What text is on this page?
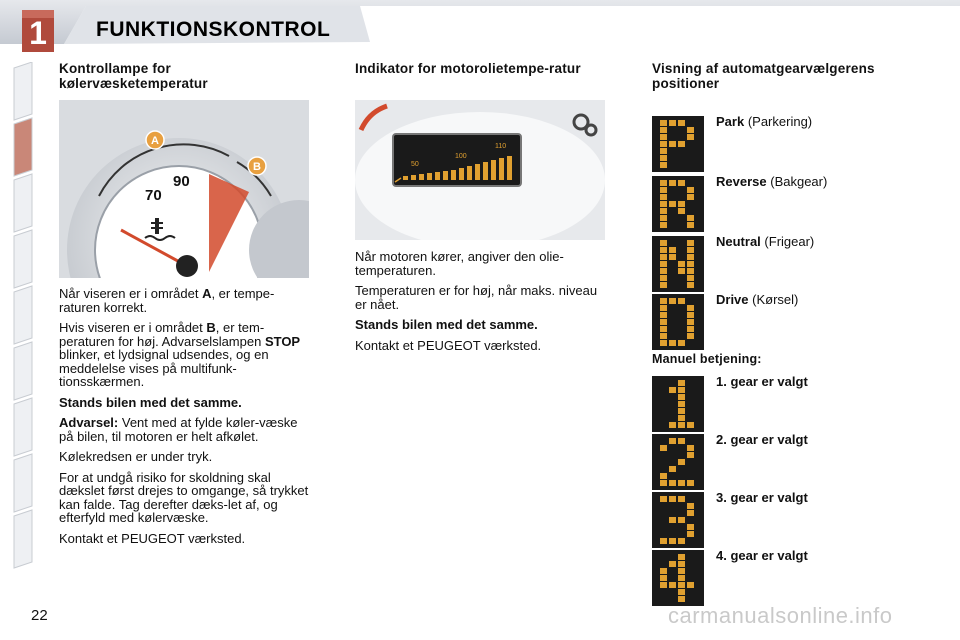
1 FUNKTIONSKONTROL
Kontrollampe for kølervæsketemperatur
A
B
70
90

Når viseren er i området A, er tempe-raturen korrekt.

Hvis viseren er i området B, er tem-peraturen for høj. Advarselslampen STOP blinker, et lydsignal udsendes, og en meddelelse vises på multifunk-tionsskærmen.

Stands bilen med det samme.

Advarsel: Vent med at fylde køler-væske på bilen, til motoren er helt afkølet.

Kølekredsen er under tryk.

For at undgå risiko for skoldning skal dækslet først drejes to omgange, så trykket kan falde. Tag derefter dæks-let af, og efterfyld med kølervæske.

Kontakt et PEUGEOT værksted.

Indikator for motorolietempe-ratur
50
100
110

Når motoren kører, angiver den olie-temperaturen.

Temperaturen er for høj, når maks. niveau er nået.

Stands bilen med det samme.

Kontakt et PEUGEOT værksted.

Visning af automatgearvælgerens positioner
Park (Parkering)
Reverse (Bakgear)
Neutral (Frigear)
Drive (Kørsel)
1. gear er valgt
2. gear er valgt
3. gear er valgt
4. gear er valgt
Manuel betjening:
22	carmanualsonline.info
